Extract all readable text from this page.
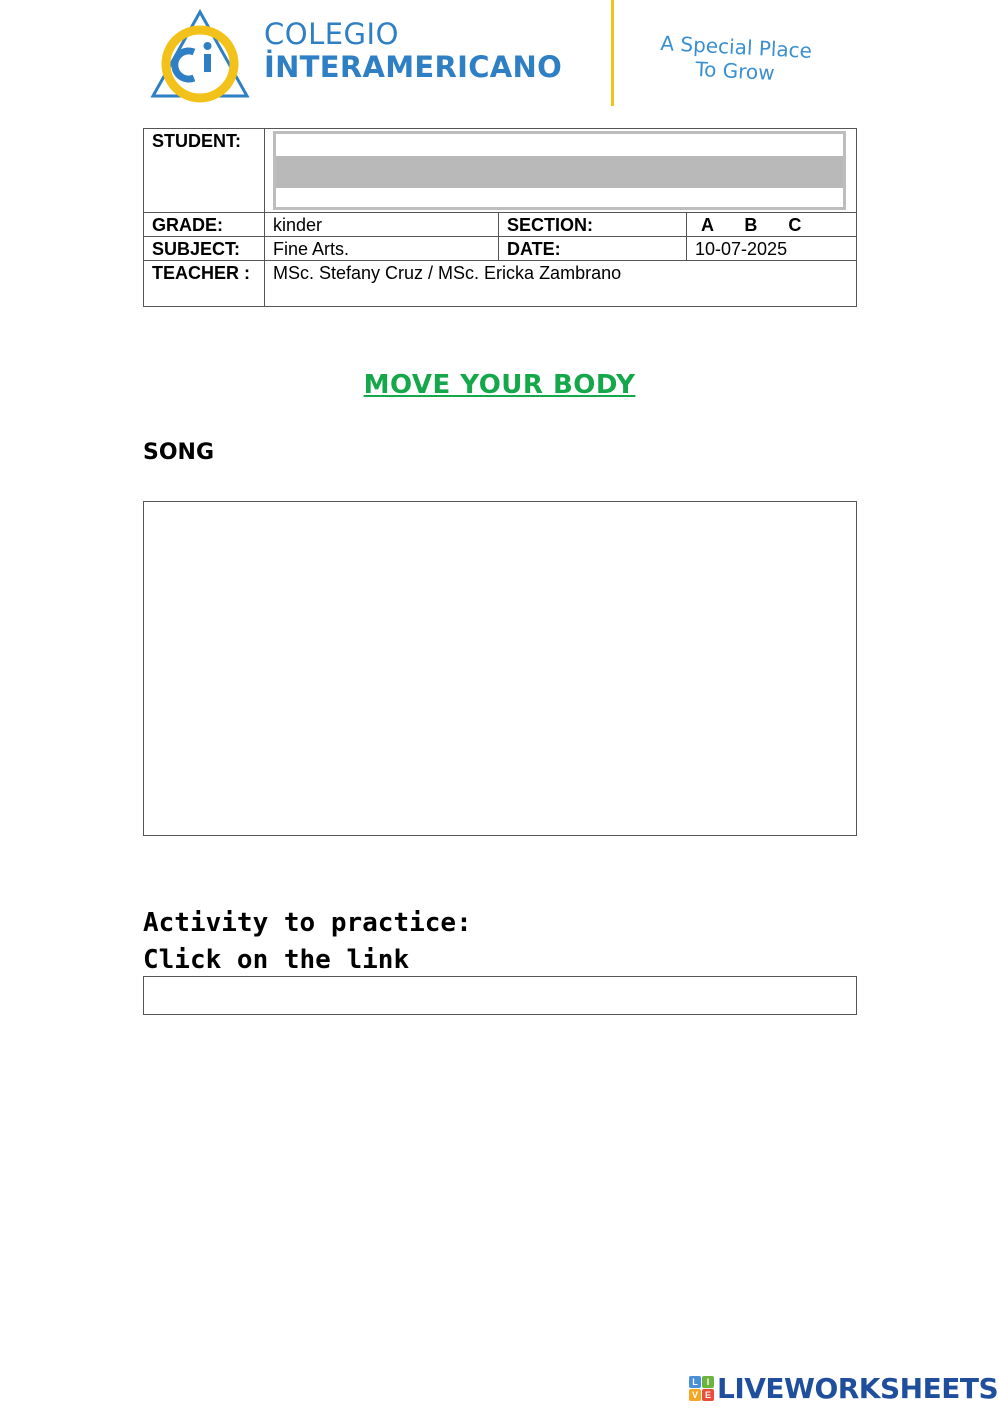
COLEGIO
İNTERAMERICANO
A Special Place
To Grow
STUDENT:			

GRADE:	kinder	SECTION:	A B C
SUBJECT:	Fine Arts.	DATE:	10-07-2025
TEACHER :	MSc. Stefany Cruz / MSc. Ericka Zambrano		
MOVE YOUR BODY
SONG
Activity to practice:
Click on the link
L I
V E LIVEWORKSHEETS
